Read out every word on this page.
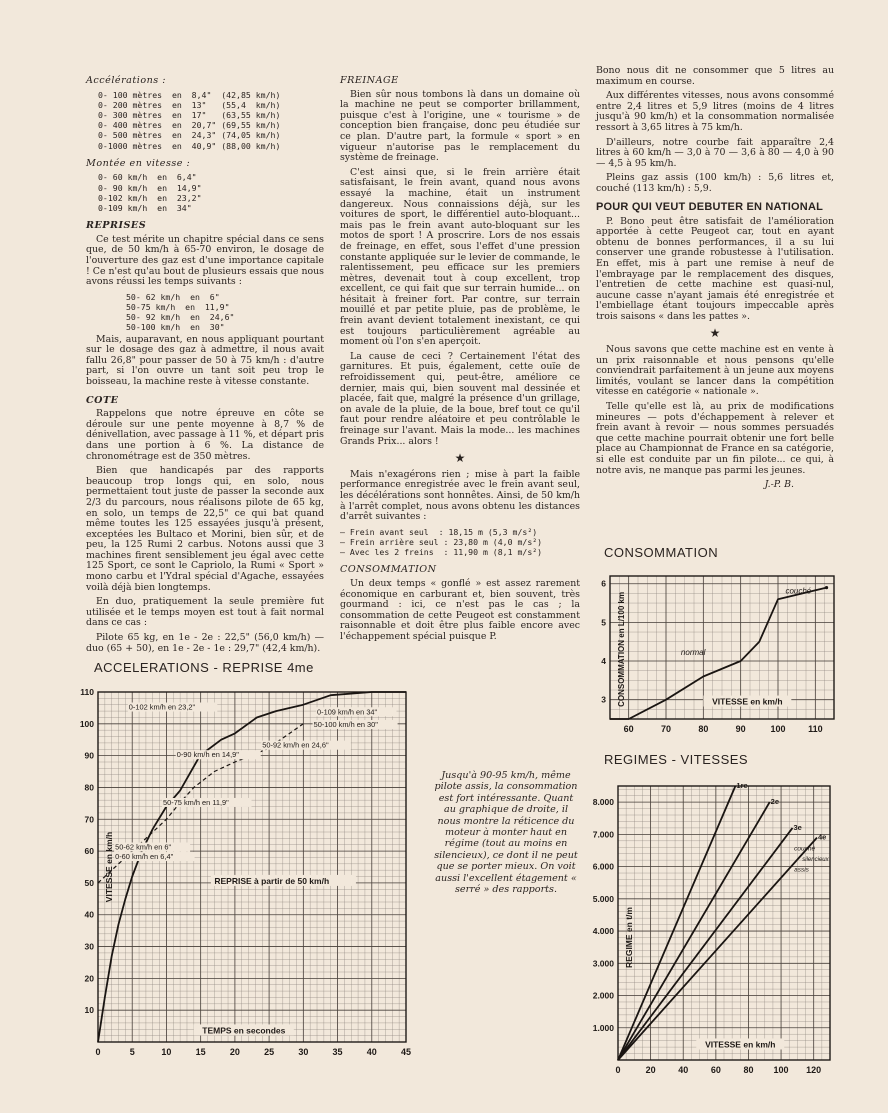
Accélérations :
0- 100 mètres  en  8,4"  (42,85 km/h)
0- 200 mètres  en  13"   (55,4  km/h)
0- 300 mètres  en  17"   (63,55 km/h)
0- 400 mètres  en  20,7" (69,55 km/h)
0- 500 mètres  en  24,3" (74,05 km/h)
0-1000 mètres  en  40,9" (88,00 km/h)
Montée en vitesse :
0- 60 km/h  en  6,4"
0- 90 km/h  en  14,9"
0-102 km/h  en  23,2"
0-109 km/h  en  34"
REPRISES

Ce test mérite un chapitre spécial dans ce sens que, de 50 km/h à 65-70 environ, le dosage de l'ouverture des gaz est d'une importance capitale ! Ce n'est qu'au bout de plusieurs essais que nous avons réussi les temps suivants :

50- 62 km/h  en  6"
50-75 km/h  en  11,9"
50- 92 km/h  en  24,6"
50-100 km/h  en  30"

Mais, auparavant, en nous appliquant pourtant sur le dosage des gaz à admettre, il nous avait fallu 26,8" pour passer de 50 à 75 km/h : d'autre part, si l'on ouvre un tant soit peu trop le boisseau, la machine reste à vitesse constante.

COTE

Rappelons que notre épreuve en côte se déroule sur une pente moyenne à 8,7 % de dénivellation, avec passage à 11 %, et départ pris dans une portion à 6 %. La distance de chronométrage est de 350 mètres.

Bien que handicapés par des rapports beaucoup trop longs qui, en solo, nous permettaient tout juste de passer la seconde aux 2/3 du parcours, nous réalisons pilote de 65 kg, en solo, un temps de 22,5" ce qui bat quand même toutes les 125 essayées jusqu'à présent, exceptées les Bultaco et Morini, bien sûr, et de peu, la 125 Rumi 2 carbus. Notons aussi que 3 machines firent sensiblement jeu égal avec cette 125 Sport, ce sont le Capriolo, la Rumi « Sport » mono carbu et l'Ydral spécial d'Agache, essayées voilà déjà bien longtemps.

En duo, pratiquement la seule première fut utilisée et le temps moyen est tout à fait normal dans ce cas :

Pilote 65 kg, en 1e - 2e : 22,5" (56,0 km/h) — duo (65 + 50), en 1e - 2e - 1e : 29,7" (42,4 km/h).

FREINAGE

Bien sûr nous tombons là dans un domaine où la machine ne peut se comporter brillamment, puisque c'est à l'origine, une « tourisme » de conception bien française, donc peu étudiée sur ce plan. D'autre part, la formule « sport » en vigueur n'autorise pas le remplacement du système de freinage.

C'est ainsi que, si le frein arrière était satisfaisant, le frein avant, quand nous avons essayé la machine, était un instrument dangereux. Nous connaissions déjà, sur les voitures de sport, le différentiel auto-bloquant... mais pas le frein avant auto-bloquant sur les motos de sport ! A proscrire. Lors de nos essais de freinage, en effet, sous l'effet d'une pression constante appliquée sur le levier de commande, le ralentissement, peu efficace sur les premiers mètres, devenait tout à coup excellent, trop excellent, ce qui fait que sur terrain humide... on hésitait à freiner fort. Par contre, sur terrain mouillé et par petite pluie, pas de problème, le frein avant devient totalement inexistant, ce qui est toujours particulièrement agréable au moment où l'on s'en aperçoit.

La cause de ceci ? Certainement l'état des garnitures. Et puis, également, cette ouïe de refroidissement qui, peut-être, améliore ce dernier, mais qui, bien souvent mal dessinée et placée, fait que, malgré la présence d'un grillage, on avale de la pluie, de la boue, bref tout ce qu'il faut pour rendre aléatoire et peu contrôlable le freinage sur l'avant. Mais la mode... les machines Grands Prix... alors !

★

Mais n'exagérons rien ; mise à part la faible performance enregistrée avec le frein avant seul, les décélérations sont honnêtes. Ainsi, de 50 km/h à l'arrêt complet, nous avons obtenu les distances d'arrêt suivantes :

— Frein avant seul  : 18,15 m (5,3 m/s²)
— Frein arrière seul : 23,80 m (4,0 m/s²)
— Avec les 2 freins  : 11,90 m (8,1 m/s²)
CONSOMMATION

Un deux temps « gonflé » est assez rarement économique en carburant et, bien souvent, très gourmand : ici, ce n'est pas le cas ; la consommation de cette Peugeot est constamment raisonnable et doit être plus faible encore avec l'échappement spécial puisque P.

Bono nous dit ne consommer que 5 litres au maximum en course.

Aux différentes vitesses, nous avons consommé entre 2,4 litres et 5,9 litres (moins de 4 litres jusqu'à 90 km/h) et la consommation normalisée ressort à 3,65 litres à 75 km/h.

D'ailleurs, notre courbe fait apparaître 2,4 litres à 60 km/h — 3,0 à 70 — 3,6 à 80 — 4,0 à 90 — 4,5 à 95 km/h.

Pleins gaz assis (100 km/h) : 5,6 litres et, couché (113 km/h) : 5,9.

POUR QUI VEUT DEBUTER EN NATIONAL

P. Bono peut être satisfait de l'amélioration apportée à cette Peugeot car, tout en ayant obtenu de bonnes performances, il a su lui conserver une grande robustesse à l'utilisation. En effet, mis à part une remise à neuf de l'embrayage par le remplacement des disques, l'entretien de cette machine est quasi-nul, aucune casse n'ayant jamais été enregistrée et l'embiellage étant toujours impeccable après trois saisons « dans les pattes ».

★

Nous savons que cette machine est en vente à un prix raisonnable et nous pensons qu'elle conviendrait parfaitement à un jeune aux moyens limités, voulant se lancer dans la compétition vitesse en catégorie « nationale ».

Telle qu'elle est là, au prix de modifications mineures — pots d'échappement à relever et frein avant à revoir — nous sommes persuadés que cette machine pourrait obtenir une fort belle place au Championnat de France en sa catégorie, si elle est conduite par un fin pilote... ce qui, à notre avis, ne manque pas parmi les jeunes.

J.-P. B.
ACCELERATIONS - REPRISE 4me
CONSOMMATION
REGIMES - VITESSES
0	5	10	15	20	25	30	35	40	45
10
20
30
40
50
60
70
80
90
100
110
TEMPS en secondes
VITESSE en km/h	REPRISE à partir de 50 km/h
0-102 km/h en 23,2"
0-109 km/h en 34"
50-100 km/h en 30"
50-92 km/h en 24,6"
0-90 km/h en 14,9"
50-75 km/h en 11,9"
50-62 km/h en 6"
0-60 km/h en 6,4"
60	70	80	90	100	110
3
4
5
6
CONSOMMATION en L/100 km	VITESSE en km/h
normal
couché
0	20	40	60	80 100 120
1.000
2.000
3.000
4.000
5.000
6.000
7.000
8.000
REGIME en t/m
VITESSE en km/h
1re
2e
3e
4e
couché
assis
silencieux
Jusqu'à 90-95 km/h, même pilote assis, la consommation est fort intéressante. Quant au graphique de droite, il nous montre la réticence du moteur à monter haut en régime (tout au moins en silencieux), ce dont il ne peut que se porter mieux. On voit aussi l'excellent étagement « serré » des rapports.
